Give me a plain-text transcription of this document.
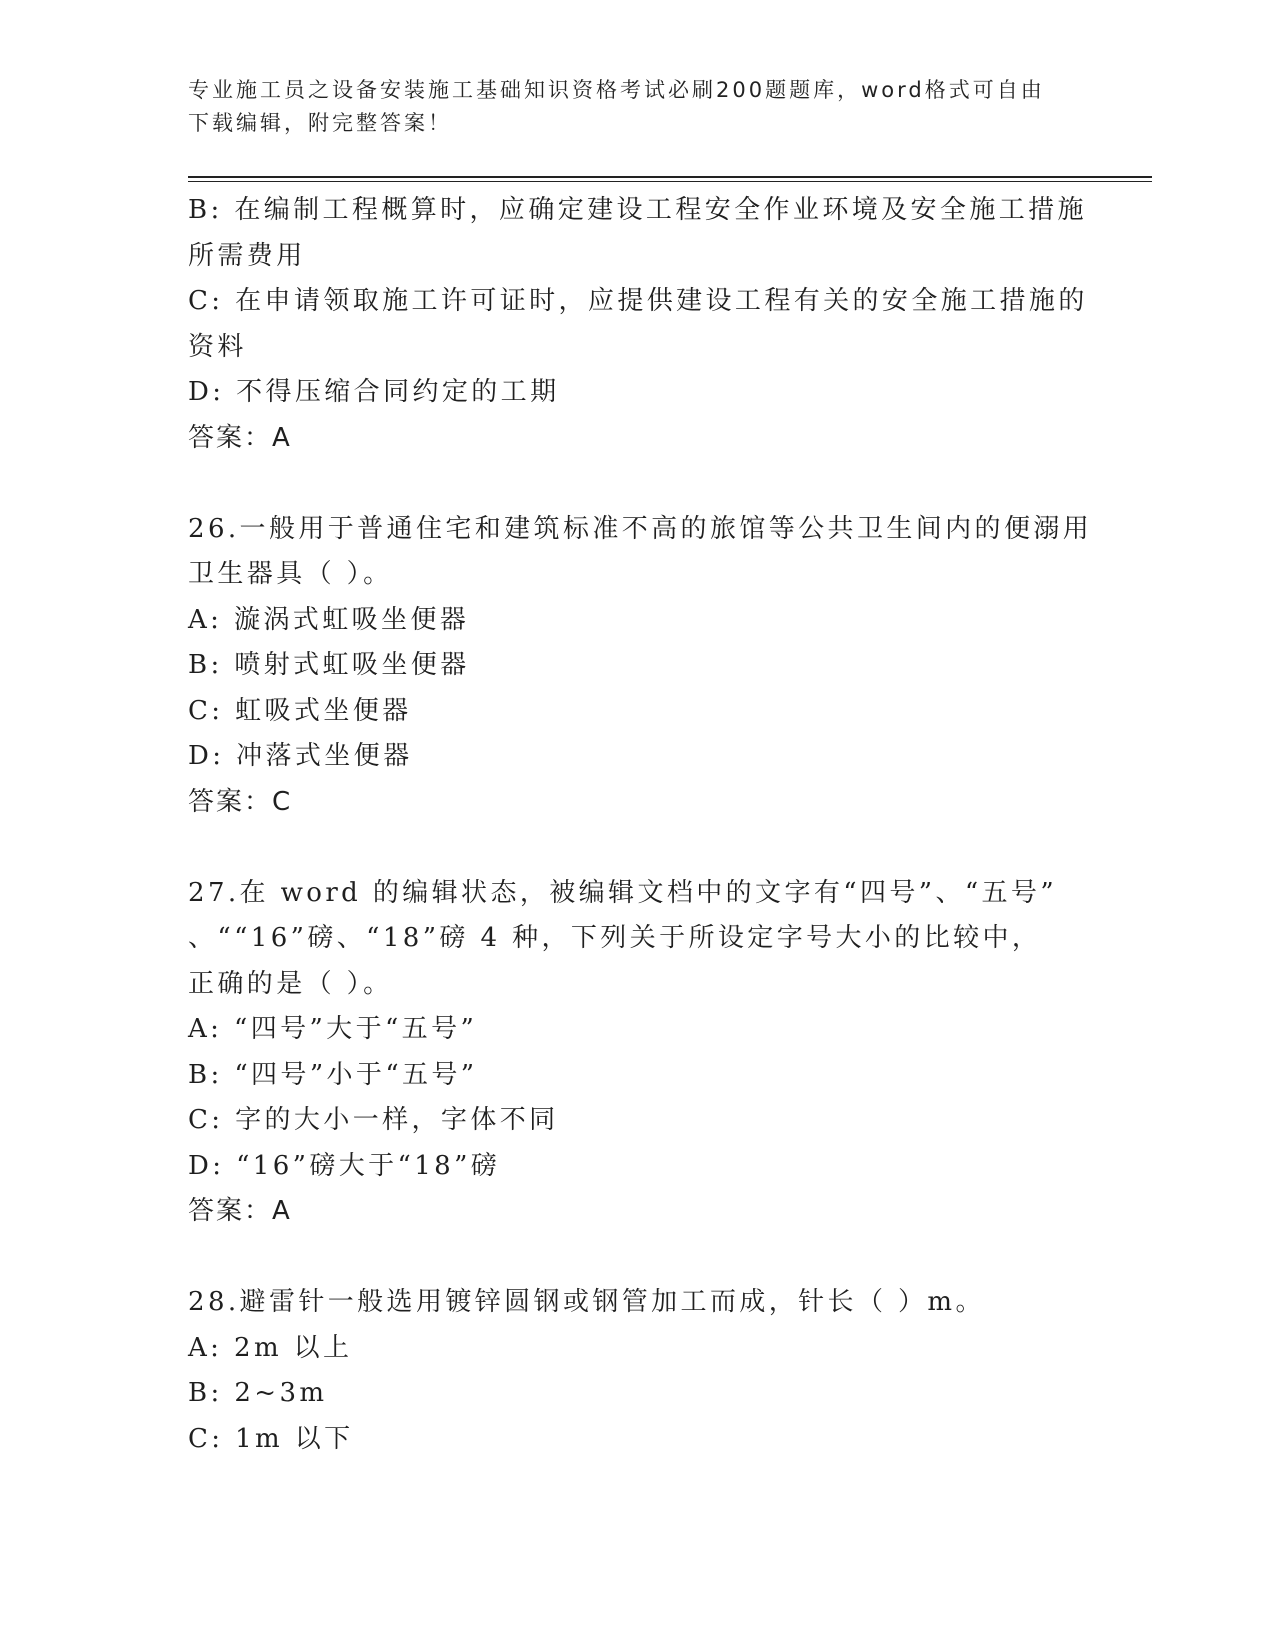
专业施工员之设备安装施工基础知识资格考试必刷200题题库，word格式可自由
下载编辑，附完整答案！
B: 在编制工程概算时，应确定建设工程安全作业环境及安全施工措施
所需费用
C: 在申请领取施工许可证时，应提供建设工程有关的安全施工措施的
资料
D: 不得压缩合同约定的工期
答案：A
26.一般用于普通住宅和建筑标准不高的旅馆等公共卫生间内的便溺用
卫生器具（ ）。
A: 漩涡式虹吸坐便器
B: 喷射式虹吸坐便器
C: 虹吸式坐便器
D: 冲落式坐便器
答案：C
27.在 word 的编辑状态，被编辑文档中的文字有“四号”、“五号”
、““16”磅、“18”磅 4 种，下列关于所设定字号大小的比较中，
正确的是（ ）。
A: “四号”大于“五号”
B: “四号”小于“五号”
C: 字的大小一样，字体不同
D: “16”磅大于“18”磅
答案：A
28.避雷针一般选用镀锌圆钢或钢管加工而成，针长（ ）m。
A: 2m 以上
B: 2~3m
C: 1m 以下
